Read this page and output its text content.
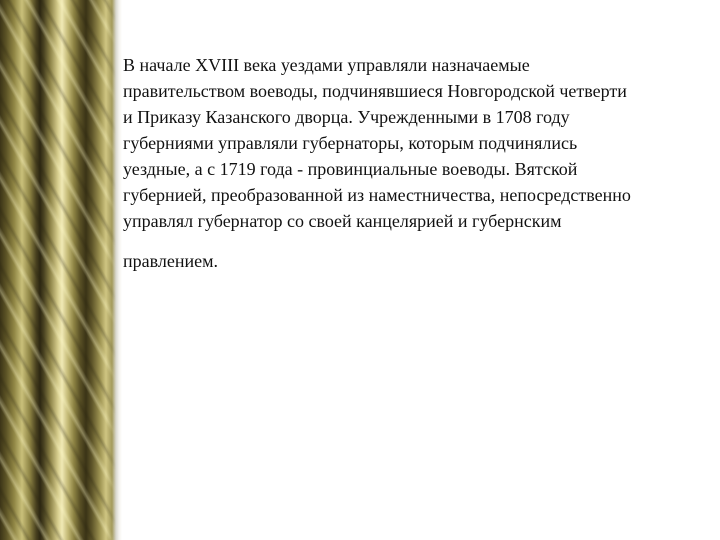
В начале XVIII века уездами управляли назначаемые
правительством воеводы, подчинявшиеся Новгородской четверти
и Приказу Казанского дворца. Учрежденными в 1708 году
губерниями управляли губернаторы, которым подчинялись
уездные, а с 1719 года - провинциальные воеводы. Вятской
губернией, преобразованной из наместничества, непосредственно
управлял губернатор со своей канцелярией и губернским

правлением.
